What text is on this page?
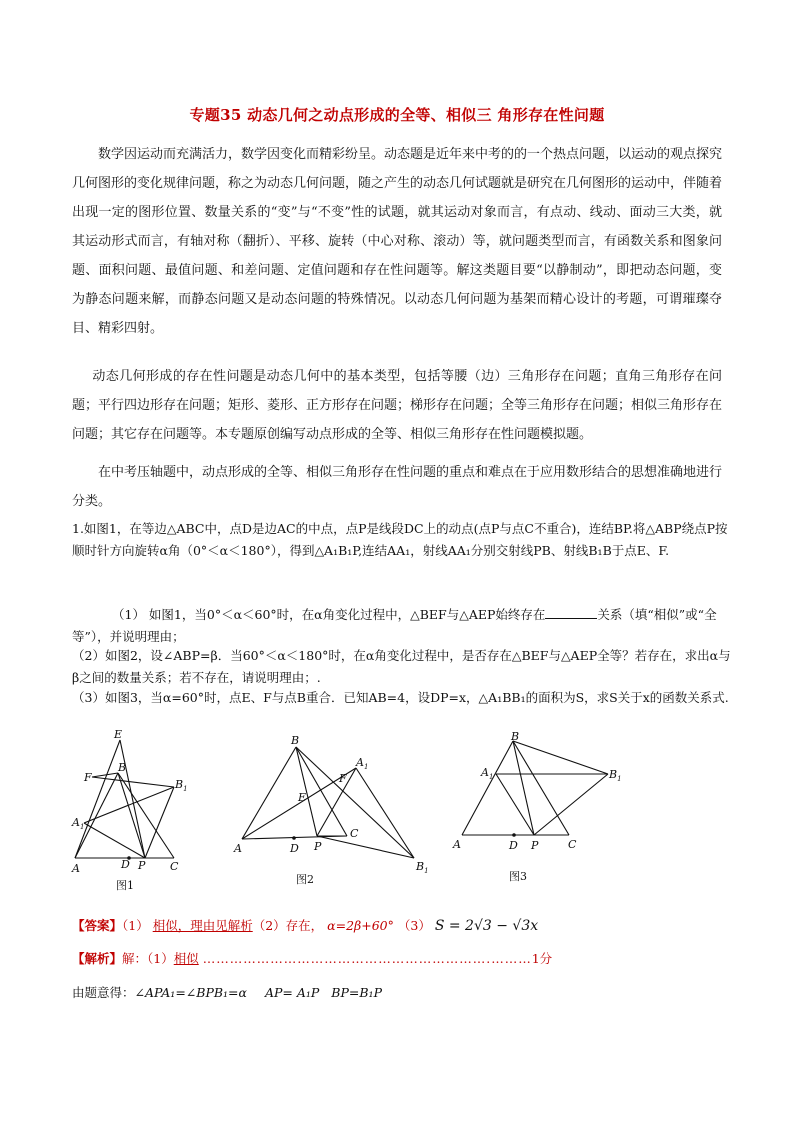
专题35 动态几何之动点形成的全等、相似三 角形存在性问题
数学因运动而充满活力，数学因变化而精彩纷呈。动态题是近年来中考的的一个热点问题，以运动的观点探究几何图形的变化规律问题，称之为动态几何问题，随之产生的动态几何试题就是研究在几何图形的运动中，伴随着出现一定的图形位置、数量关系的“变”与“不变”性的试题，就其运动对象而言，有点动、线动、面动三大类，就其运动形式而言，有轴对称（翻折）、平移、旋转（中心对称、滚动）等，就问题类型而言，有函数关系和图象问题、面积问题、最值问题、和差问题、定值问题和存在性问题等。解这类题目要“以静制动”，即把动态问题，变为静态问题来解，而静态问题又是动态问题的特殊情况。以动态几何问题为基架而精心设计的考题，可谓璀璨夺目、精彩四射。
动态几何形成的存在性问题是动态几何中的基本类型，包括等腰（边）三角形存在问题；直角三角形存在问题；平行四边形存在问题；矩形、菱形、正方形存在问题；梯形存在问题；全等三角形存在问题；相似三角形存在问题；其它存在问题等。本专题原创编写动点形成的全等、相似三角形存在性问题模拟题。
在中考压轴题中，动点形成的全等、相似三角形存在性问题的重点和难点在于应用数形结合的思想准确地进行分类。
1.如图1，在等边△ABC中，点D是边AC的中点，点P是线段DC上的动点(点P与点C不重合)，连结BP.将△ABP绕点P按顺时针方向旋转α角（0°＜α＜180°），得到△A₁B₁P,连结AA₁，射线AA₁分别交射线PB、射线B₁B于点E、F.
（1） 如图1，当0°＜α＜60°时，在α角变化过程中，△BEF与△AEP始终存在	关系（填“相似”或“全等”），并说明理由；
（2）如图2，设∠ABP=β．当60°＜α＜180°时，在α角变化过程中，是否存在△BEF与△AEP全等？若存在，求出α与β之间的数量关系；若不存在，请说明理由；.
（3）如图3，当α=60°时，点E、F与点B重合．已知AB=4，设DP=x，△A₁BB₁的面积为S，求S关于x的函数关系式.
E
F
B
$B_1$
$A_1$
A	D P C
图1
B
$A_1$
F
E
C
A	D P
$B_1$
图2
B
$A_1$	$B_1$
A	D P	C
图3
【答案】（1） 相似，理由见解析（2）存在， α=2β+60° （3） S = 2√3 − √3x
【解析】解：（1）相似 ……………………………………………………….………1分
由题意得：∠APA₁=∠BPB₁=α AP= A₁P BP=B₁P
